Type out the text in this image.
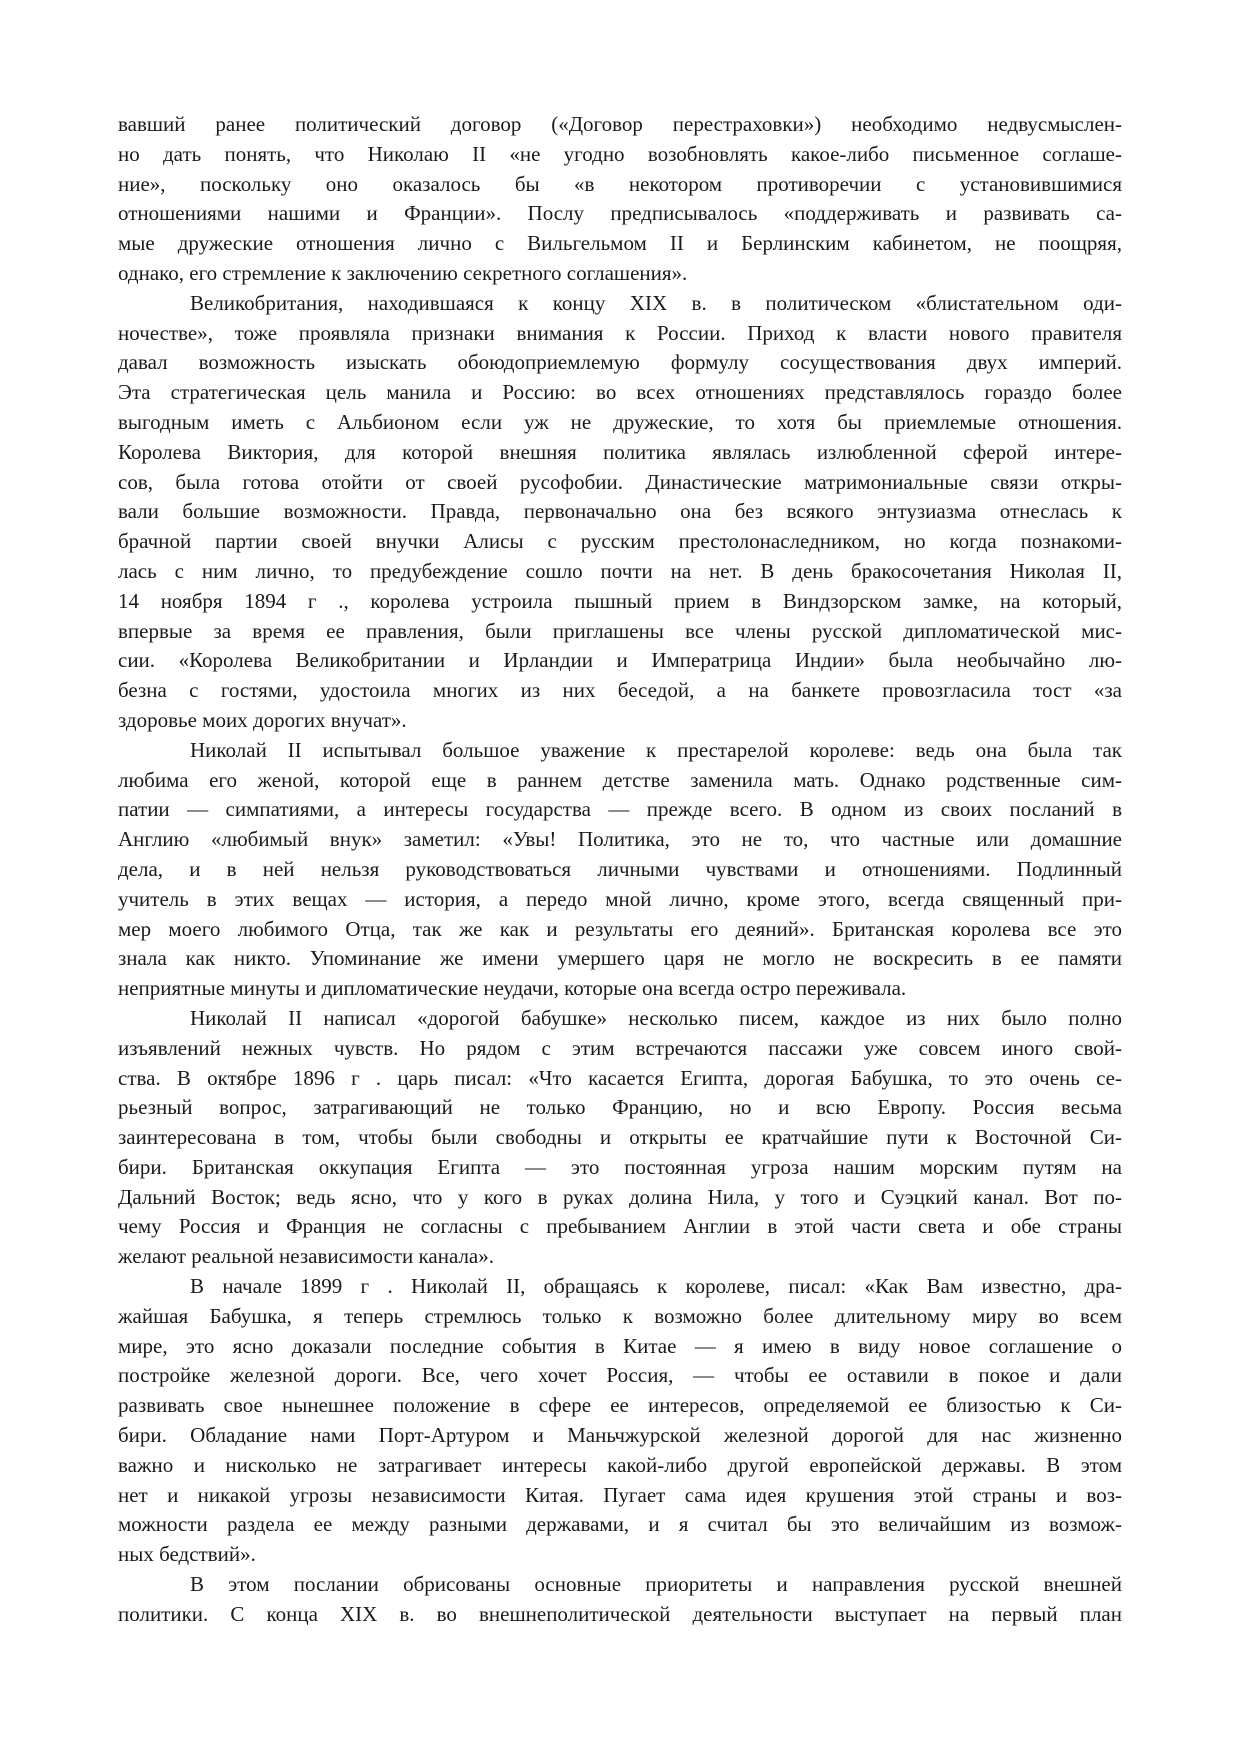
вавший ранее политический договор («Договор перестраховки») необходимо недвусмыслен-
но дать понять, что Николаю II «не угодно возобновлять какое-либо письменное соглаше-
ние», поскольку оно оказалось бы «в некотором противоречии с установившимися
отношениями нашими и Франции». Послу предписывалось «поддерживать и развивать са-
мые дружеские отношения лично с Вильгельмом II и Берлинским кабинетом, не поощряя,
однако, его стремление к заключению секретного соглашения».
Великобритания, находившаяся к концу XIX в. в политическом «блистательном оди-
ночестве», тоже проявляла признаки внимания к России. Приход к власти нового правителя
давал возможность изыскать обоюдоприемлемую формулу сосуществования двух империй.
Эта стратегическая цель манила и Россию: во всех отношениях представлялось гораздо более
выгодным иметь с Альбионом если уж не дружеские, то хотя бы приемлемые отношения.
Королева Виктория, для которой внешняя политика являлась излюбленной сферой интере-
сов, была готова отойти от своей русофобии. Династические матримониальные связи откры-
вали большие возможности. Правда, первоначально она без всякого энтузиазма отнеслась к
брачной партии своей внучки Алисы с русским престолонаследником, но когда познакоми-
лась с ним лично, то предубеждение сошло почти на нет. В день бракосочетания Николая II,
14 ноября 1894 г ., королева устроила пышный прием в Виндзорском замке, на который,
впервые за время ее правления, были приглашены все члены русской дипломатической мис-
сии. «Королева Великобритании и Ирландии и Императрица Индии» была необычайно лю-
безна с гостями, удостоила многих из них беседой, а на банкете провозгласила тост «за
здоровье моих дорогих внучат».
Николай II испытывал большое уважение к престарелой королеве: ведь она была так
любима его женой, которой еще в раннем детстве заменила мать. Однако родственные сим-
патии — симпатиями, а интересы государства — прежде всего. В одном из своих посланий в
Англию «любимый внук» заметил: «Увы! Политика, это не то, что частные или домашние
дела, и в ней нельзя руководствоваться личными чувствами и отношениями. Подлинный
учитель в этих вещах — история, а передо мной лично, кроме этого, всегда священный при-
мер моего любимого Отца, так же как и результаты его деяний». Британская королева все это
знала как никто. Упоминание же имени умершего царя не могло не воскресить в ее памяти
неприятные минуты и дипломатические неудачи, которые она всегда остро переживала.
Николай II написал «дорогой бабушке» несколько писем, каждое из них было полно
изъявлений нежных чувств. Но рядом с этим встречаются пассажи уже совсем иного свой-
ства. В октябре 1896 г . царь писал: «Что касается Египта, дорогая Бабушка, то это очень се-
рьезный вопрос, затрагивающий не только Францию, но и всю Европу. Россия весьма
заинтересована в том, чтобы были свободны и открыты ее кратчайшие пути к Восточной Си-
бири. Британская оккупация Египта — это постоянная угроза нашим морским путям на
Дальний Восток; ведь ясно, что у кого в руках долина Нила, у того и Суэцкий канал. Вот по-
чему Россия и Франция не согласны с пребыванием Англии в этой части света и обе страны
желают реальной независимости канала».
В начале 1899 г . Николай II, обращаясь к королеве, писал: «Как Вам известно, дра-
жайшая Бабушка, я теперь стремлюсь только к возможно более длительному миру во всем
мире, это ясно доказали последние события в Китае — я имею в виду новое соглашение о
постройке железной дороги. Все, чего хочет Россия, — чтобы ее оставили в покое и дали
развивать свое нынешнее положение в сфере ее интересов, определяемой ее близостью к Си-
бири. Обладание нами Порт-Артуром и Маньчжурской железной дорогой для нас жизненно
важно и нисколько не затрагивает интересы какой-либо другой европейской державы. В этом
нет и никакой угрозы независимости Китая. Пугает сама идея крушения этой страны и воз-
можности раздела ее между разными державами, и я считал бы это величайшим из возмож-
ных бедствий».
В этом послании обрисованы основные приоритеты и направления русской внешней
политики. С конца XIX в. во внешнеполитической деятельности выступает на первый план
